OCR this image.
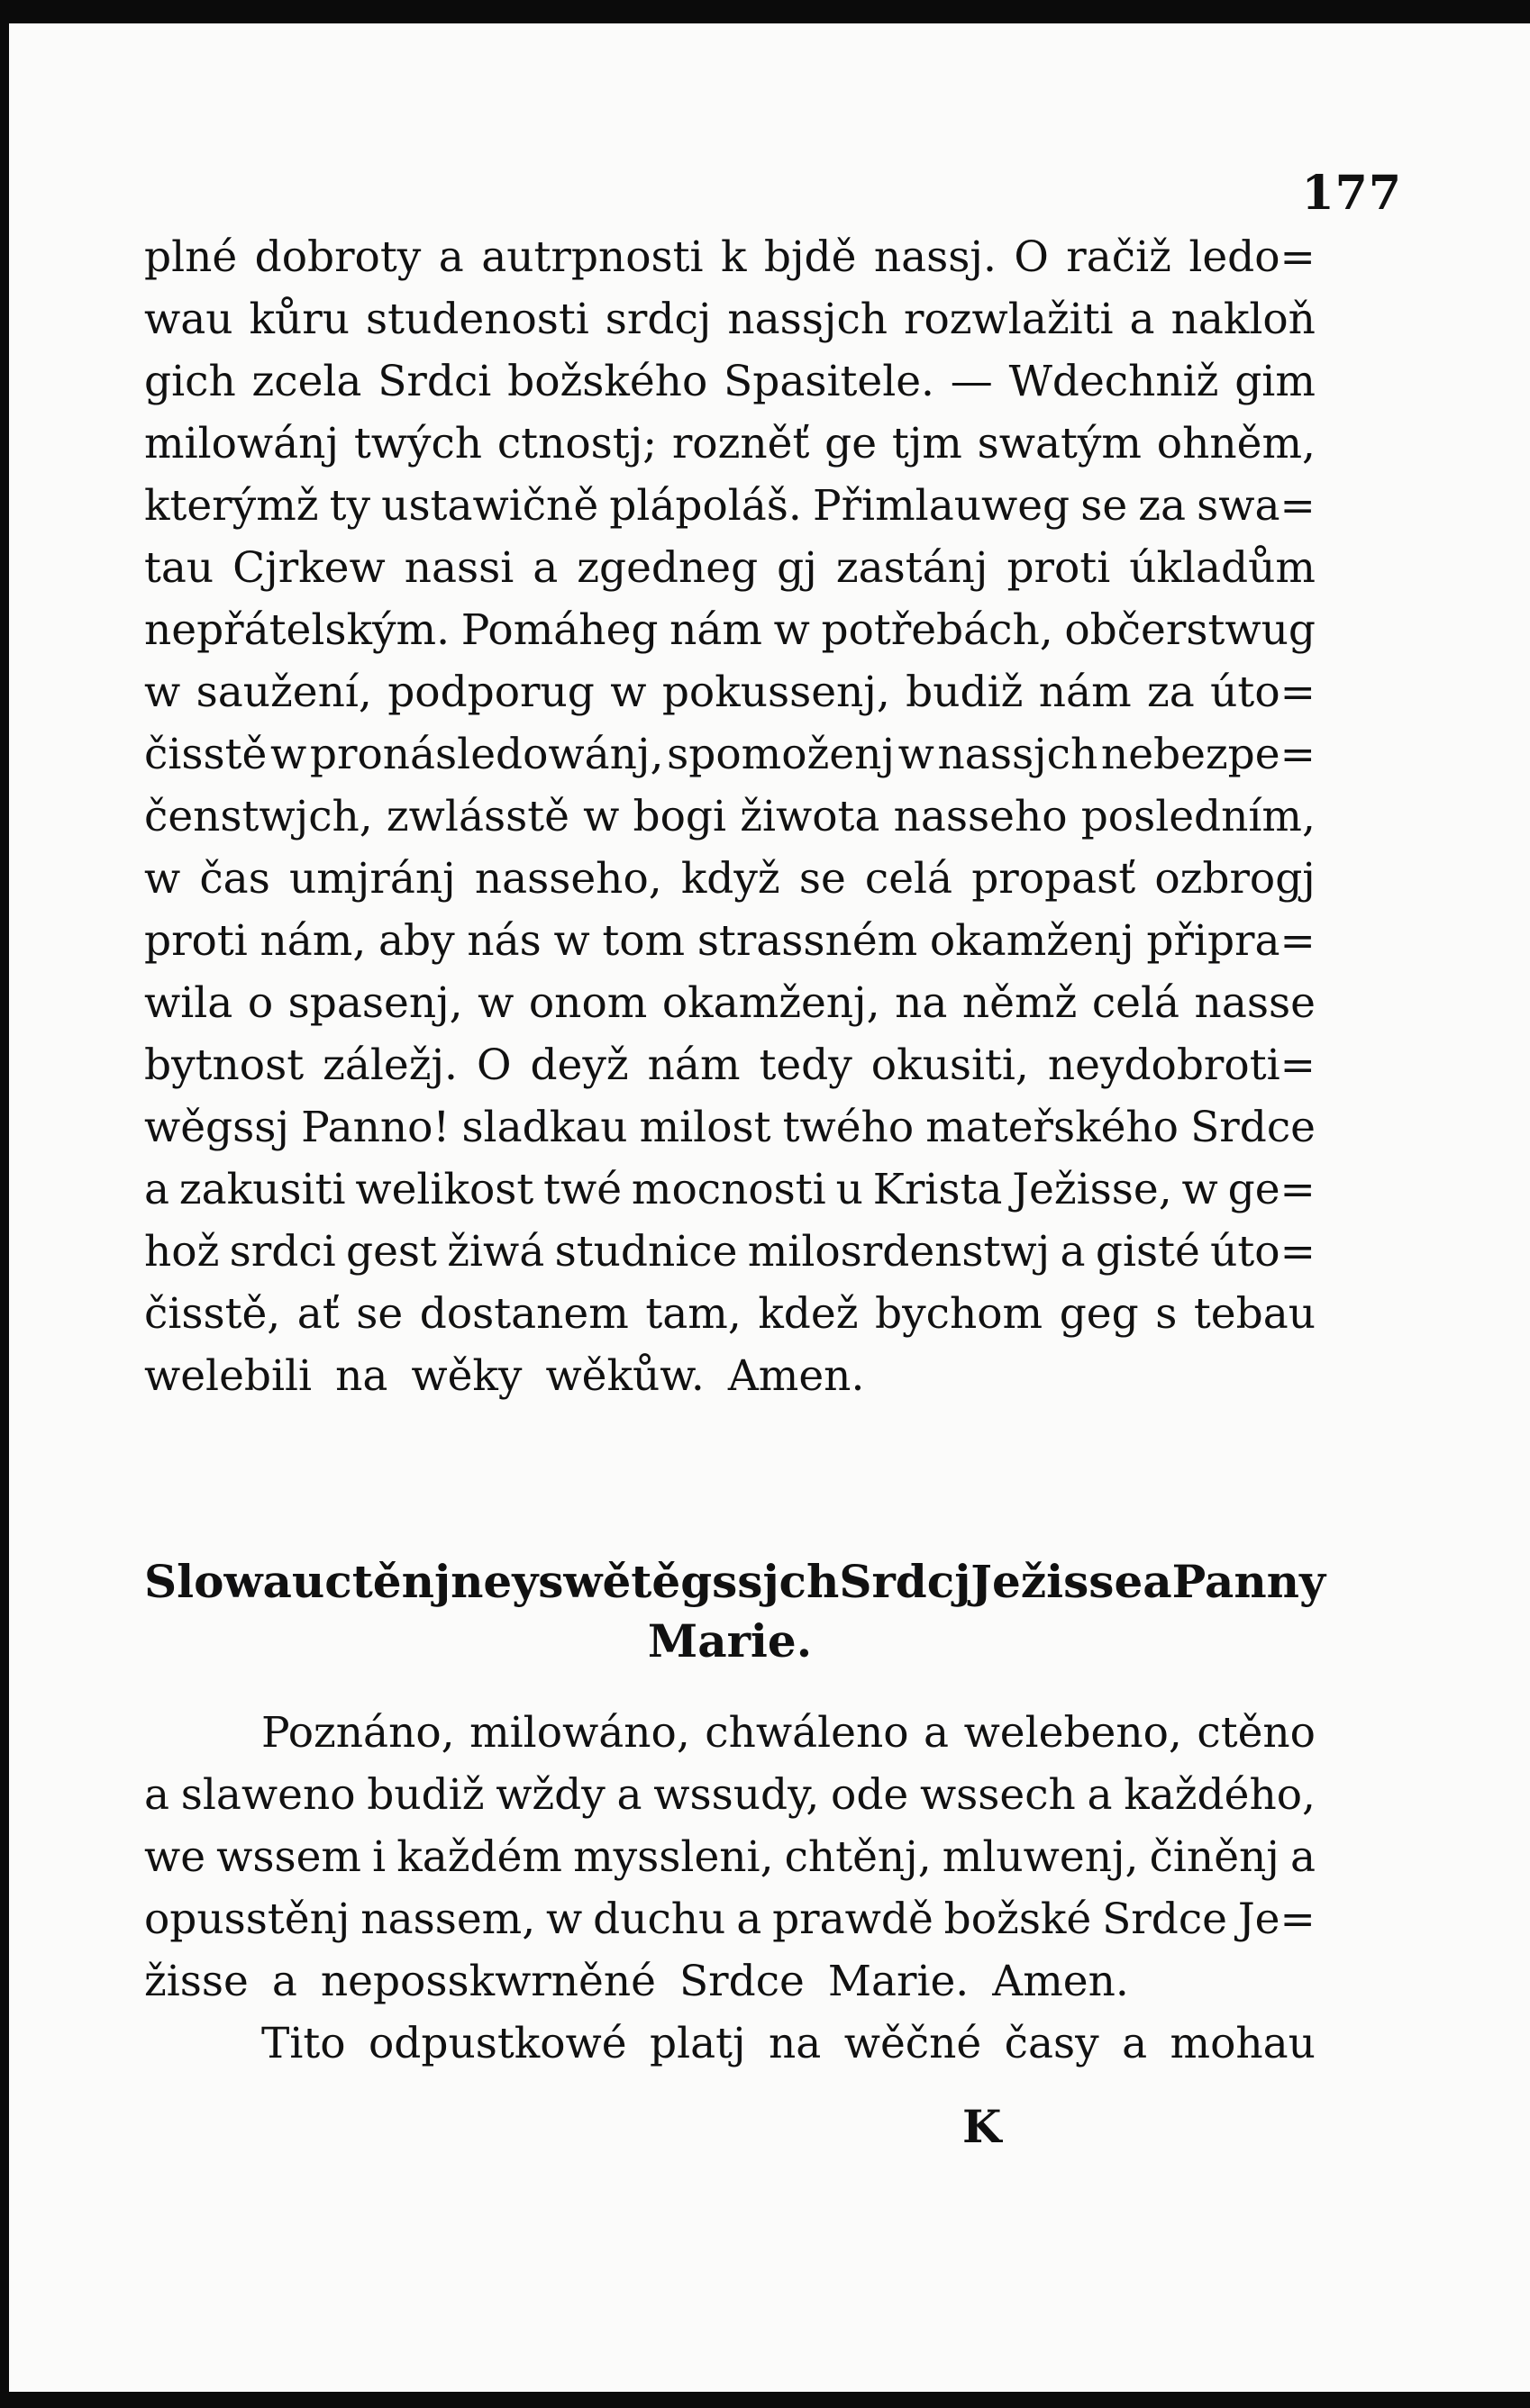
177
plné dobroty a autrpnosti k bjdě nassj. O račiž ledo=
wau kůru studenosti srdcj nassjch rozwlažiti a nakloň
gich zcela Srdci božského Spasitele. — Wdechniž gim
milowánj twých ctnostj; rozněť ge tjm swatým ohněm,
kterýmž ty ustawičně plápoláš. Přimlauweg se za swa=
tau Cjrkew nassi a zgedneg gj zastánj proti úkladům
nepřátelským. Pomáheg nám w potřebách, občerstwug
w saužení, podporug w pokussenj, budiž nám za úto=
čisstě w pronásledowánj, spomoženj w nassjch nebezpe=
čenstwjch, zwlásstě w bogi žiwota nasseho posledním,
w čas umjránj nasseho, když se celá propasť ozbrogj
proti nám, aby nás w tom strassném okamženj připra=
wila o spasenj, w onom okamženj, na němž celá nasse
bytnost záležj. O deyž nám tedy okusiti, neydobroti=
wěgssj Panno! sladkau milost twého mateřského Srdce
a zakusiti welikost twé mocnosti u Krista Ježisse, w ge=
hož srdci gest žiwá studnice milosrdenstwj a gisté úto=
čisstě, ať se dostanem tam, kdež bychom geg s tebau
welebili na wěky wěkůw. Amen.
Slowa uctěnj neyswětěgssjch Srdcj Ježisse a Panny
Marie.
Poznáno, milowáno, chwáleno a welebeno, ctěno
a slaweno budiž wždy a wssudy, ode wssech a každého,
we wssem i každém myssleni, chtěnj, mluwenj, činěnj a
opusstěnj nassem, w duchu a prawdě božské Srdce Je=
žisse a neposskwrněné Srdce Marie. Amen.
Tito odpustkowé platj na wěčné časy a mohau
K
